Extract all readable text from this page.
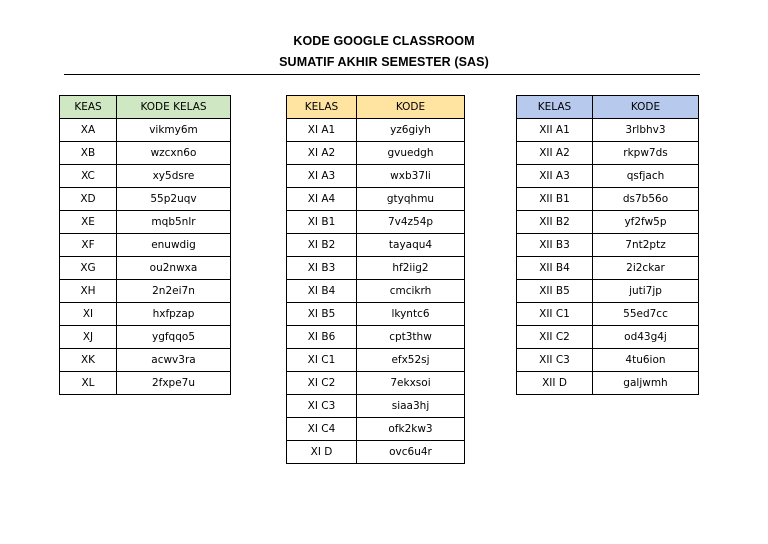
KODE GOOGLE CLASSROOM
SUMATIF AKHIR SEMESTER (SAS)
KEAS	KODE KELAS
XA	vikmy6m
XB	wzcxn6o
XC	xy5dsre
XD	55p2uqv
XE	mqb5nlr
XF	enuwdig
XG	ou2nwxa
XH	2n2ei7n
XI	hxfpzap
XJ	ygfqqo5
XK	acwv3ra
XL	2fxpe7u
KELAS	KODE
XI A1	yz6giyh
XI A2	gvuedgh
XI A3	wxb37li
XI A4	gtyqhmu
XI B1	7v4z54p
XI B2	tayaqu4
XI B3	hf2iig2
XI B4	cmcikrh
XI B5	lkyntc6
XI B6	cpt3thw
XI C1	efx52sj
XI C2	7ekxsoi
XI C3	siaa3hj
XI C4	ofk2kw3
XI D	ovc6u4r
KELAS	KODE
XII A1	3rlbhv3
XII A2	rkpw7ds
XII A3	qsfjach
XII B1	ds7b56o
XII B2	yf2fw5p
XII B3	7nt2ptz
XII B4	2i2ckar
XII B5	juti7jp
XII C1	55ed7cc
XII C2	od43g4j
XII C3	4tu6ion
XII D	galjwmh
